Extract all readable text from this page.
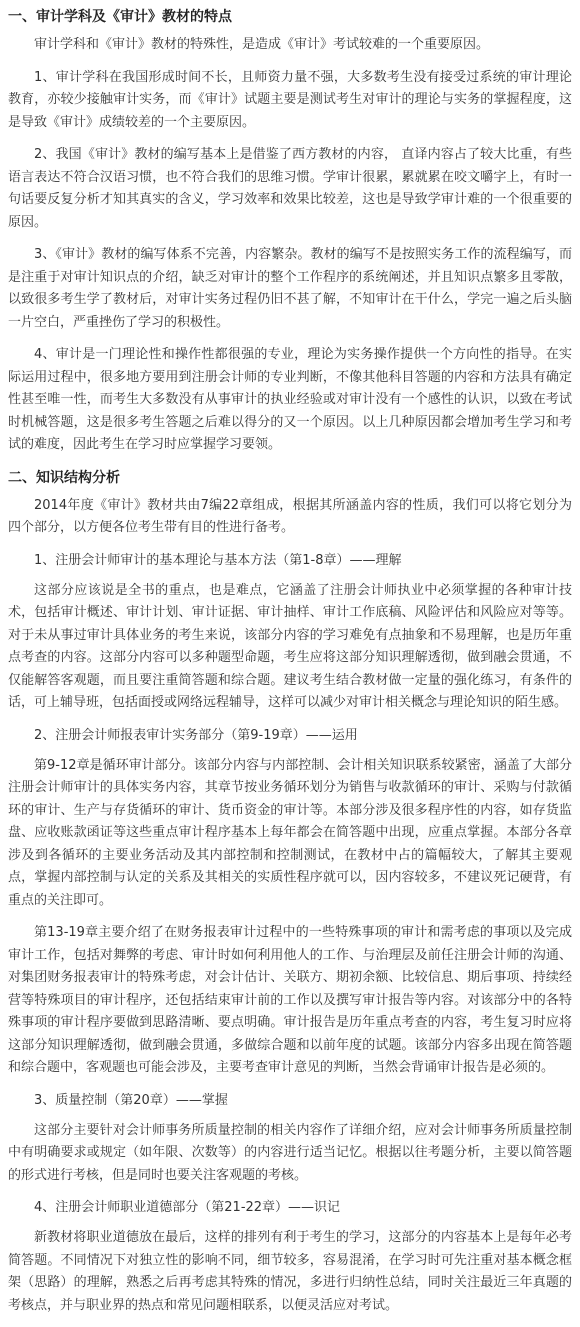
一、审计学科及《审计》教材的特点

审计学科和《审计》教材的特殊性，是造成《审计》考试较难的一个重要原因。

1、审计学科在我国形成时间不长，且师资力量不强，大多数考生没有接受过系统的审计理论教育，亦较少接触审计实务，而《审计》试题主要是测试考生对审计的理论与实务的掌握程度，这是导致《审计》成绩较差的一个主要原因。

2、我国《审计》教材的编写基本上是借鉴了西方教材的内容， 直译内容占了较大比重，有些语言表达不符合汉语习惯，也不符合我们的思维习惯。学审计很累，累就累在咬文嚼字上，有时一句话要反复分析才知其真实的含义，学习效率和效果比较差，这也是导致学审计难的一个很重要的原因。

3、《审计》教材的编写体系不完善，内容繁杂。教材的编写不是按照实务工作的流程编写，而是注重于对审计知识点的介绍，缺乏对审计的整个工作程序的系统阐述，并且知识点繁多且零散，以致很多考生学了教材后，对审计实务过程仍旧不甚了解，不知审计在干什么，学完一遍之后头脑一片空白，严重挫伤了学习的积极性。

4、审计是一门理论性和操作性都很强的专业，理论为实务操作提供一个方向性的指导。在实际运用过程中，很多地方要用到注册会计师的专业判断，不像其他科目答题的内容和方法具有确定性甚至唯一性，而考生大多数没有从事审计的执业经验或对审计没有一个感性的认识，以致在考试时机械答题，这是很多考生答题之后难以得分的又一个原因。以上几种原因都会增加考生学习和考试的难度，因此考生在学习时应掌握学习要领。

二、知识结构分析

2014年度《审计》教材共由7编22章组成，根据其所涵盖内容的性质，我们可以将它划分为四个部分，以方便各位考生带有目的性进行备考。

1、注册会计师审计的基本理论与基本方法（第1-8章）——理解

这部分应该说是全书的重点，也是难点，它涵盖了注册会计师执业中必须掌握的各种审计技术，包括审计概述、审计计划、审计证据、审计抽样、审计工作底稿、风险评估和风险应对等等。对于未从事过审计具体业务的考生来说，该部分内容的学习难免有点抽象和不易理解，也是历年重点考查的内容。这部分内容可以多种题型命题，考生应将这部分知识理解透彻，做到融会贯通，不仅能解答客观题，而且要注重简答题和综合题。建议考生结合教材做一定量的强化练习，有条件的话，可上辅导班，包括面授或网络远程辅导，这样可以减少对审计相关概念与理论知识的陌生感。

2、注册会计师报表审计实务部分（第9-19章）——运用

第9-12章是循环审计部分。该部分内容与内部控制、会计相关知识联系较紧密，涵盖了大部分注册会计师审计的具体实务内容，其章节按业务循环划分为销售与收款循环的审计、采购与付款循环的审计、生产与存货循环的审计、货币资金的审计等。本部分涉及很多程序性的内容，如存货监盘、应收账款函证等这些重点审计程序基本上每年都会在简答题中出现，应重点掌握。本部分各章涉及到各循环的主要业务活动及其内部控制和控制测试，在教材中占的篇幅较大，了解其主要观点，掌握内部控制与认定的关系及其相关的实质性程序就可以，因内容较多，不建议死记硬背，有重点的关注即可。

第13-19章主要介绍了在财务报表审计过程中的一些特殊事项的审计和需考虑的事项以及完成审计工作，包括对舞弊的考虑、审计时如何利用他人的工作、与治理层及前任注册会计师的沟通、对集团财务报表审计的特殊考虑，对会计估计、关联方、期初余额、比较信息、期后事项、持续经营等特殊项目的审计程序，还包括结束审计前的工作以及撰写审计报告等内容。对该部分中的各特殊事项的审计程序要做到思路清晰、要点明确。审计报告是历年重点考查的内容，考生复习时应将这部分知识理解透彻，做到融会贯通，多做综合题和以前年度的试题。该部分内容多出现在简答题和综合题中，客观题也可能会涉及，主要考查审计意见的判断，当然会背诵审计报告是必须的。

3、质量控制（第20章）——掌握

这部分主要针对会计师事务所质量控制的相关内容作了详细介绍，应对会计师事务所质量控制中有明确要求或规定（如年限、次数等）的内容进行适当记忆。根据以往考题分析，主要以简答题的形式进行考核，但是同时也要关注客观题的考核。

4、注册会计师职业道德部分（第21-22章）——识记

新教材将职业道德放在最后，这样的排列有利于考生的学习，这部分的内容基本上是每年必考简答题。不同情况下对独立性的影响不同，细节较多，容易混淆，在学习时可先注重对基本概念框架（思路）的理解，熟悉之后再考虑其特殊的情况，多进行归纳性总结，同时关注最近三年真题的考核点，并与职业界的热点和常见问题相联系，以便灵活应对考试。
